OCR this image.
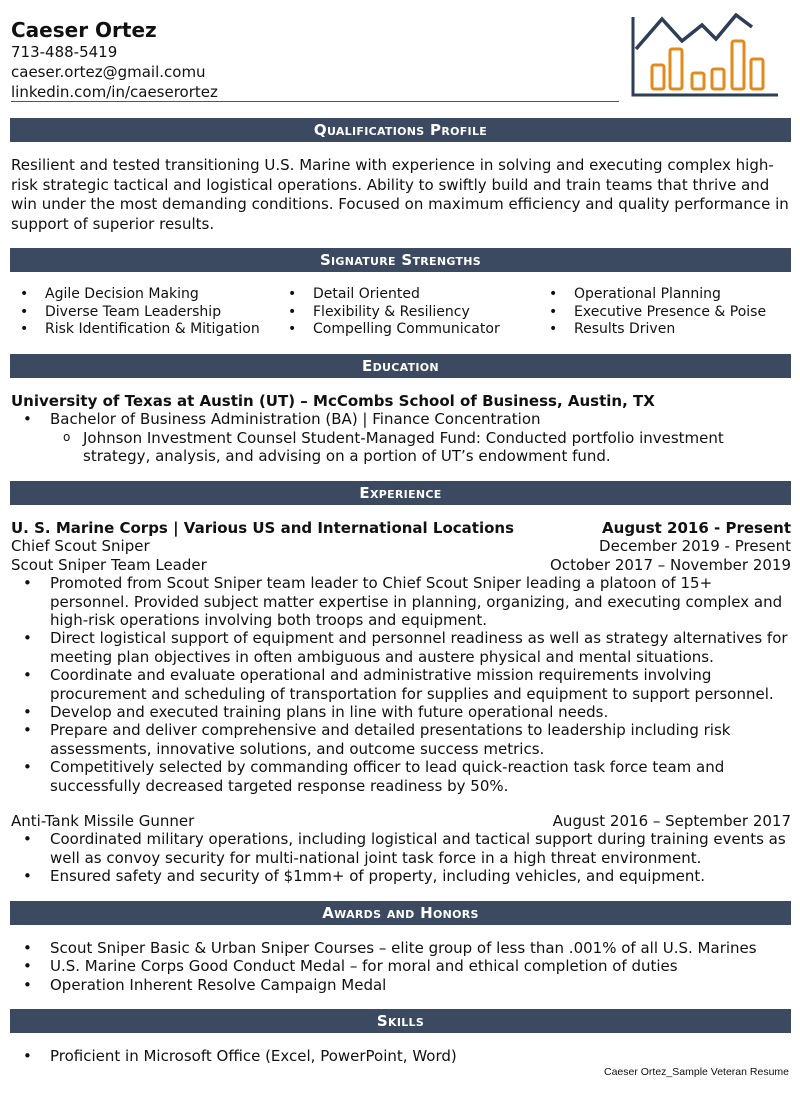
Caeser Ortez
713-488-5419
caeser.ortez@gmail.comu
linkedin.com/in/caeserortez
Qualifications Profile
Resilient and tested transitioning U.S. Marine with experience in solving and executing complex high-risk strategic tactical and logistical operations. Ability to swiftly build and train teams that thrive and win under the most demanding conditions. Focused on maximum efficiency and quality performance in support of superior results.
Signature Strengths
• Agile Decision Making
• Diverse Team Leadership
• Risk Identification & Mitigation
• Detail Oriented
• Flexibility & Resiliency
• Compelling Communicator
• Operational Planning
• Executive Presence & Poise
• Results Driven
Education
University of Texas at Austin (UT) – McCombs School of Business, Austin, TX
• Bachelor of Business Administration (BA) | Finance Concentration
o Johnson Investment Counsel Student-Managed Fund: Conducted portfolio investment strategy, analysis, and advising on a portion of UT’s endowment fund.
Experience
U. S. Marine Corps | Various US and International Locations	August 2016 - Present
Chief Scout Sniper	December 2019 - Present
Scout Sniper Team Leader	October 2017 – November 2019
• Promoted from Scout Sniper team leader to Chief Scout Sniper leading a platoon of 15+ personnel. Provided subject matter expertise in planning, organizing, and executing complex and high-risk operations involving both troops and equipment.
• Direct logistical support of equipment and personnel readiness as well as strategy alternatives for meeting plan objectives in often ambiguous and austere physical and mental situations.
• Coordinate and evaluate operational and administrative mission requirements involving procurement and scheduling of transportation for supplies and equipment to support personnel.
• Develop and executed training plans in line with future operational needs.
• Prepare and deliver comprehensive and detailed presentations to leadership including risk assessments, innovative solutions, and outcome success metrics.
• Competitively selected by commanding officer to lead quick-reaction task force team and successfully decreased targeted response readiness by 50%.
Anti-Tank Missile Gunner	August 2016 – September 2017
• Coordinated military operations, including logistical and tactical support during training events as well as convoy security for multi-national joint task force in a high threat environment.
• Ensured safety and security of $1mm+ of property, including vehicles, and equipment.
Awards and Honors
• Scout Sniper Basic & Urban Sniper Courses – elite group of less than .001% of all U.S. Marines
• U.S. Marine Corps Good Conduct Medal – for moral and ethical completion of duties
• Operation Inherent Resolve Campaign Medal
Skills
• Proficient in Microsoft Office (Excel, PowerPoint, Word)
Caeser Ortez_Sample Veteran Resume
